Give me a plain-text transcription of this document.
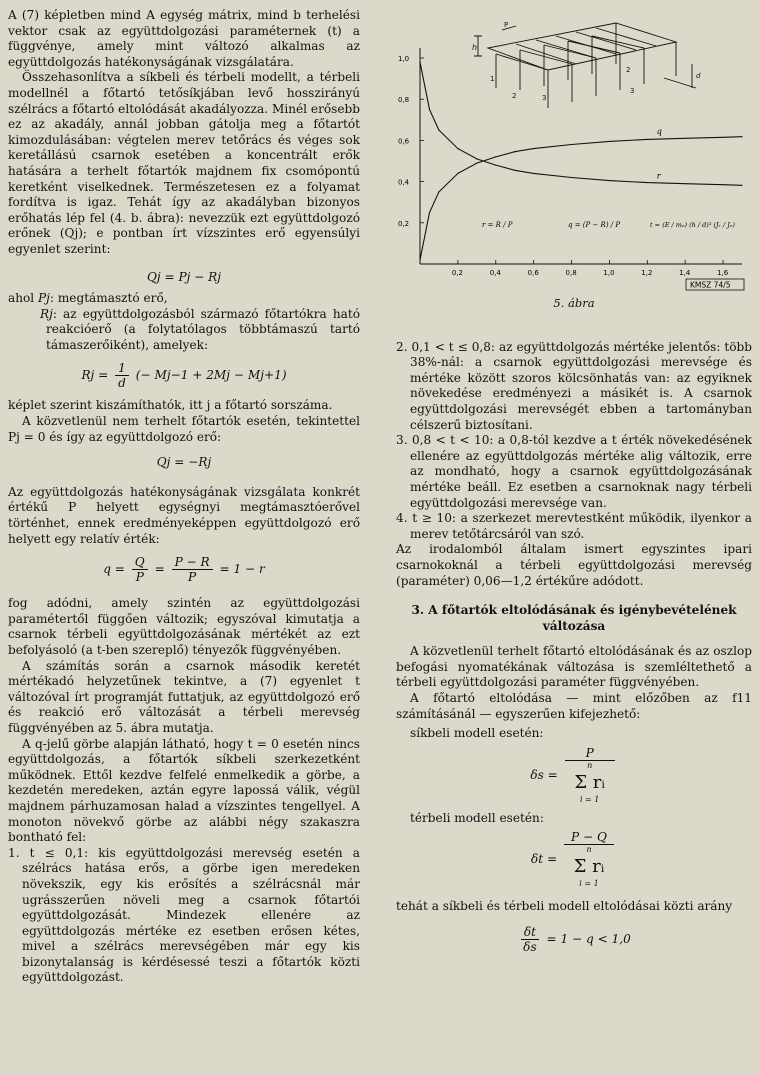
A (7) képletben mind A egység mátrix, mind b terhelési vektor csak az együttdolgozási paraméternek (t) a függvénye, amely mint változó alkalmas az együttdolgozás hatékonyságának vizsgálatára.

Összehasonlítva a síkbeli és térbeli modellt, a térbeli modellnél a főtartó tetősíkjában levő hosszirányú szélrács a főtartó eltolódását akadályozza. Minél erősebb ez az akadály, annál jobban gátolja meg a főtartót kimozdulásában: végtelen merev tetőrács és véges sok keretállású csarnok esetében a koncentrált erők hatására a terhelt főtartók majdnem fix csomópontú keretként viselkednek. Természetesen ez a folyamat fordítva is igaz. Tehát így az akadályban bizonyos erőhatás lép fel (4. b. ábra): nevezzük ezt együttdolgozó erőnek (Qj); e pontban írt vízszintes erő egyensúlyi egyenlet szerint:

Qj = Pj − Rj

ahol Pj: megtámasztó erő,

Rj: az együttdolgozásból származó főtartókra ható reakcióerő (a folytatólagos többtámaszú tartó támaszerőiként), amelyek:

$Rj = \frac{1}{d}$ (− Mj−1 + 2Mj − Mj+1)

képlet szerint kiszámíthatók, itt j a főtartó sorszáma.

A közvetlenül nem terhelt főtartók esetén, tekintettel Pj = 0 és így az együttdolgozó erő:

Qj = −Rj

Az együttdolgozás hatékonyságának vizsgálata konkrét értékű P helyett egységnyi megtámasztóerővel történhet, ennek eredményeképpen együttdolgozó erő helyett egy relatív érték:

$q = \frac{Q}{P} = \frac{P - R}{P} = 1 - r$

fog adódni, amely szintén az együttdolgozási paramétertől függően változik; egyszóval kimutatja a csarnok térbeli együttdolgozásának mértékét az ezt befolyásoló (a t-ben szereplő) tényezők függvényében.

A számítás során a csarnok második keretét mértékadó helyzetűnek tekintve, a (7) egyenlet t változóval írt programját futtatjuk, az együttdolgozó erő és reakció erő változását a térbeli merevség függvényében az 5. ábra mutatja.

A q-jelű görbe alapján látható, hogy t = 0 esetén nincs együttdolgozás, a főtartók síkbeli szerkezetként működnek. Ettől kezdve felfelé enmelkedik a görbe, a kezdetén meredeken, aztán egyre lapossá válik, végül majdnem párhuzamosan halad a vízszintes tengellyel. A monoton növekvő görbe az alábbi négy szakaszra bontható fel:

1. t ≤ 0,1: kis együttdolgozási merevség esetén a szélrács hatása erős, a görbe igen meredeken növekszik, egy kis erősítés a szélrácsnál már ugrásszerűen növeli meg a csarnok főtartói együttdolgozását. Mindezek ellenére az együttdolgozás mértéke ez esetben erősen kétes, mivel a szélrács merevségében már egy kis bizonytalanság is kérdésessé teszi a főtartók közti együttdolgozást.

0,2	0,4	0,6	0,8	1,0	1,2	1,4	1,6
0,2
0,4
0,6
0,8
1,0
h
P
1
2	3
3
d
2
q
r
r = R / P	q = (P − R) / P	t = (E / mₑ) (h / d)³ (Jᵣ / Jₑ)
KMSZ 74/5

5. ábra

2. 0,1 < t ≤ 0,8: az együttdolgozás mértéke jelentős: több 38%-nál: a csarnok együttdolgozási merevsége és mértéke között szoros kölcsönhatás van: az egyiknek növekedése eredményezi a másikét is. A csarnok együttdolgozási merevségét ebben a tartományban célszerű biztosítani.

3. 0,8 < t < 10: a 0,8-tól kezdve a t érték növekedésének ellenére az együttdolgozás mértéke alig változik, erre az mondható, hogy a csarnok együttdolgozásának mértéke beáll. Ez esetben a csarnoknak nagy térbeli együttdolgozási merevsége van.

4. t ≥ 10: a szerkezet merevtestként működik, ilyenkor a merev tetőtárcsáról van szó.

Az irodalomból általam ismert egyszintes ipari csarnokoknál a térbeli együttdolgozási merevség (paraméter) 0,06—1,2 értékűre adódott.

3. A főtartók eltolódásának és igénybevételének változása

A közvetlenül terhelt főtartó eltolódásának és az oszlop befogási nyomatékának változása is szemléltethető a térbeli együttdolgozási paraméter függvényében.

A főtartó eltolódása — mint előzőben az f11 számításánál — egyszerűen kifejezhető:

síkbeli modell esetén:

δs = P
n
Σ rᵢ
i = 1

térbeli modell esetén:

δt = P − Q
n
Σ rᵢ
i = 1

tehát a síkbeli és térbeli modell eltolódásai közti arány

$\frac{\delta t}{\delta s} = 1 - q < 1,0$
